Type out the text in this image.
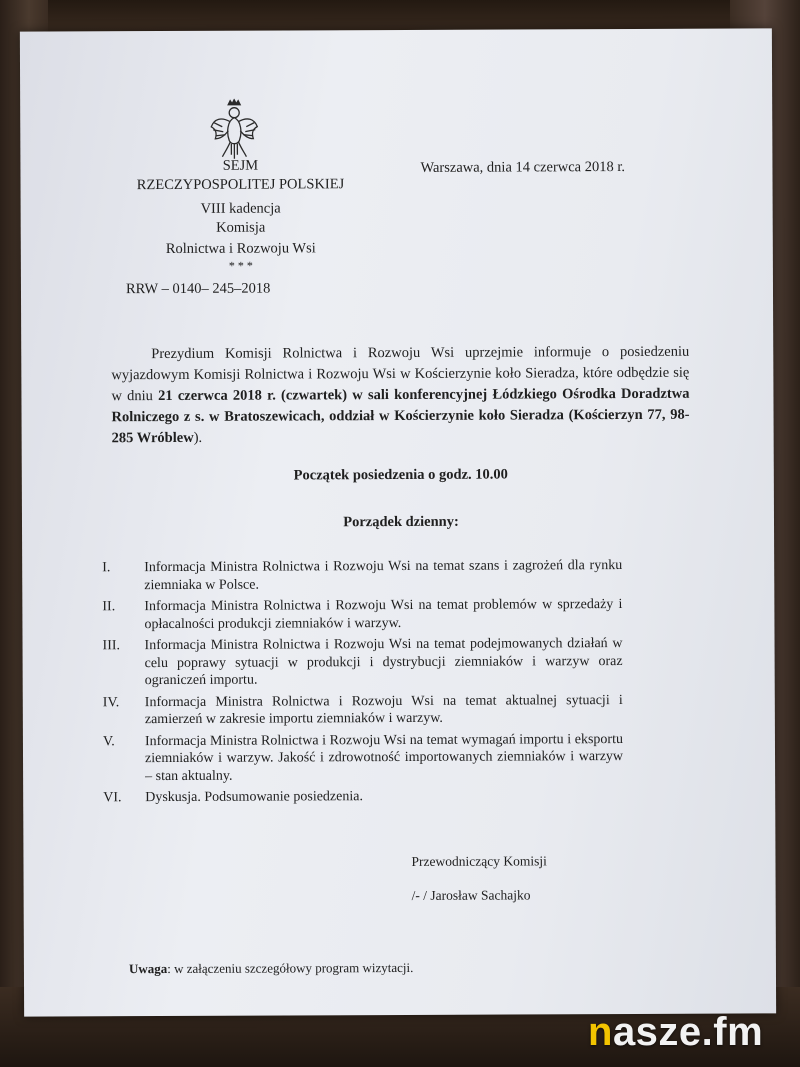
SEJM
RZECZYPOSPOLITEJ POLSKIEJ
VIII kadencja
Komisja
Rolnictwa i Rozwoju Wsi
* * *
Warszawa, dnia 14 czerwca 2018 r.
RRW – 0140– 245–2018

Prezydium Komisji Rolnictwa i Rozwoju Wsi uprzejmie informuje o posiedzeniu wyjazdowym Komisji Rolnictwa i Rozwoju Wsi w Kościerzynie koło Sieradza, które odbędzie się w dniu 21 czerwca 2018 r. (czwartek) w sali konferencyjnej Łódzkiego Ośrodka Doradztwa Rolniczego z s. w Bratoszewicach, oddział w Kościerzynie koło Sieradza (Kościerzyn 77, 98-285 Wróblew).

Początek posiedzenia o godz. 10.00
Porządek dzienny:
I.	Informacja Ministra Rolnictwa i Rozwoju Wsi na temat szans i zagrożeń dla rynku ziemniaka w Polsce.
II.	Informacja Ministra Rolnictwa i Rozwoju Wsi na temat problemów w sprzedaży i opłacalności produkcji ziemniaków i warzyw.
III.	Informacja Ministra Rolnictwa i Rozwoju Wsi na temat podejmowanych działań w celu poprawy sytuacji w produkcji i dystrybucji ziemniaków i warzyw oraz ograniczeń importu.
IV.	Informacja Ministra Rolnictwa i Rozwoju Wsi na temat aktualnej sytuacji i zamierzeń w zakresie importu ziemniaków i warzyw.
V.	Informacja Ministra Rolnictwa i Rozwoju Wsi na temat wymagań importu i eksportu ziemniaków i warzyw. Jakość i zdrowotność importowanych ziemniaków i warzyw – stan aktualny.
VI.	Dyskusja. Podsumowanie posiedzenia.
Przewodniczący Komisji
/- / Jarosław Sachajko
Uwaga: w załączeniu szczegółowy program wizytacji.
nasze.fm
